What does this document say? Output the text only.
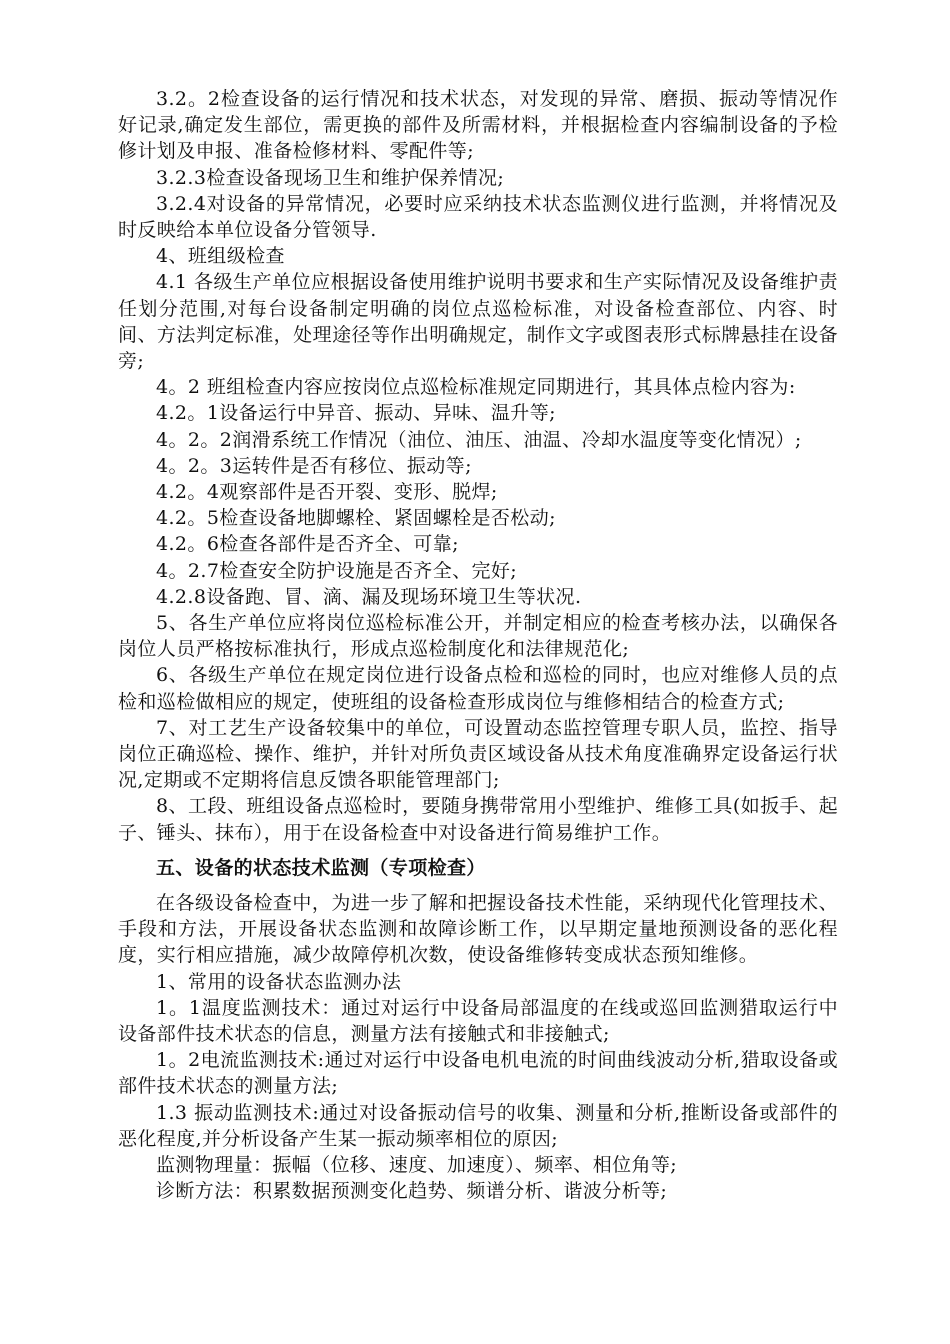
3.2。2检查设备的运行情况和技术状态，对发现的异常、磨损、振动等情况作好记录,确定发生部位，需更换的部件及所需材料，并根据检查内容编制设备的予检修计划及申报、准备检修材料、零配件等;

3.2.3检查设备现场卫生和维护保养情况;

3.2.4对设备的异常情况，必要时应采纳技术状态监测仪进行监测，并将情况及时反映给本单位设备分管领导.

4、班组级检查

4.1 各级生产单位应根据设备使用维护说明书要求和生产实际情况及设备维护责任划分范围,对每台设备制定明确的岗位点巡检标准，对设备检查部位、内容、时间、方法判定标准，处理途径等作出明确规定，制作文字或图表形式标牌悬挂在设备旁;

4。2 班组检查内容应按岗位点巡检标准规定同期进行，其具体点检内容为:

4.2。1设备运行中异音、振动、异味、温升等;

4。2。2润滑系统工作情况（油位、油压、油温、冷却水温度等变化情况）;

4。2。3运转件是否有移位、振动等;

4.2。4观察部件是否开裂、变形、脱焊;

4.2。5检查设备地脚螺栓、紧固螺栓是否松动;

4.2。6检查各部件是否齐全、可靠;

4。2.7检查安全防护设施是否齐全、完好;

4.2.8设备跑、冒、滴、漏及现场环境卫生等状况.

5、各生产单位应将岗位巡检标准公开，并制定相应的检查考核办法，以确保各岗位人员严格按标准执行，形成点巡检制度化和法律规范化;

6、各级生产单位在规定岗位进行设备点检和巡检的同时，也应对维修人员的点检和巡检做相应的规定，使班组的设备检查形成岗位与维修相结合的检查方式;

7、对工艺生产设备较集中的单位，可设置动态监控管理专职人员，监控、指导岗位正确巡检、操作、维护，并针对所负责区域设备从技术角度准确界定设备运行状况,定期或不定期将信息反馈各职能管理部门;

8、工段、班组设备点巡检时，要随身携带常用小型维护、维修工具(如扳手、起子、锤头、抹布），用于在设备检查中对设备进行简易维护工作。

五、设备的状态技术监测（专项检查）

在各级设备检查中，为进一步了解和把握设备技术性能，采纳现代化管理技术、手段和方法，开展设备状态监测和故障诊断工作，以早期定量地预测设备的恶化程度，实行相应措施，减少故障停机次数，使设备维修转变成状态预知维修。

1、常用的设备状态监测办法

1。1温度监测技术：通过对运行中设备局部温度的在线或巡回监测猎取运行中设备部件技术状态的信息，测量方法有接触式和非接触式;

1。2电流监测技术:通过对运行中设备电机电流的时间曲线波动分析,猎取设备或部件技术状态的测量方法;

1.3 振动监测技术:通过对设备振动信号的收集、测量和分析,推断设备或部件的恶化程度,并分析设备产生某一振动频率相位的原因;

监测物理量：振幅（位移、速度、加速度）、频率、相位角等;

诊断方法：积累数据预测变化趋势、频谱分析、谐波分析等;
